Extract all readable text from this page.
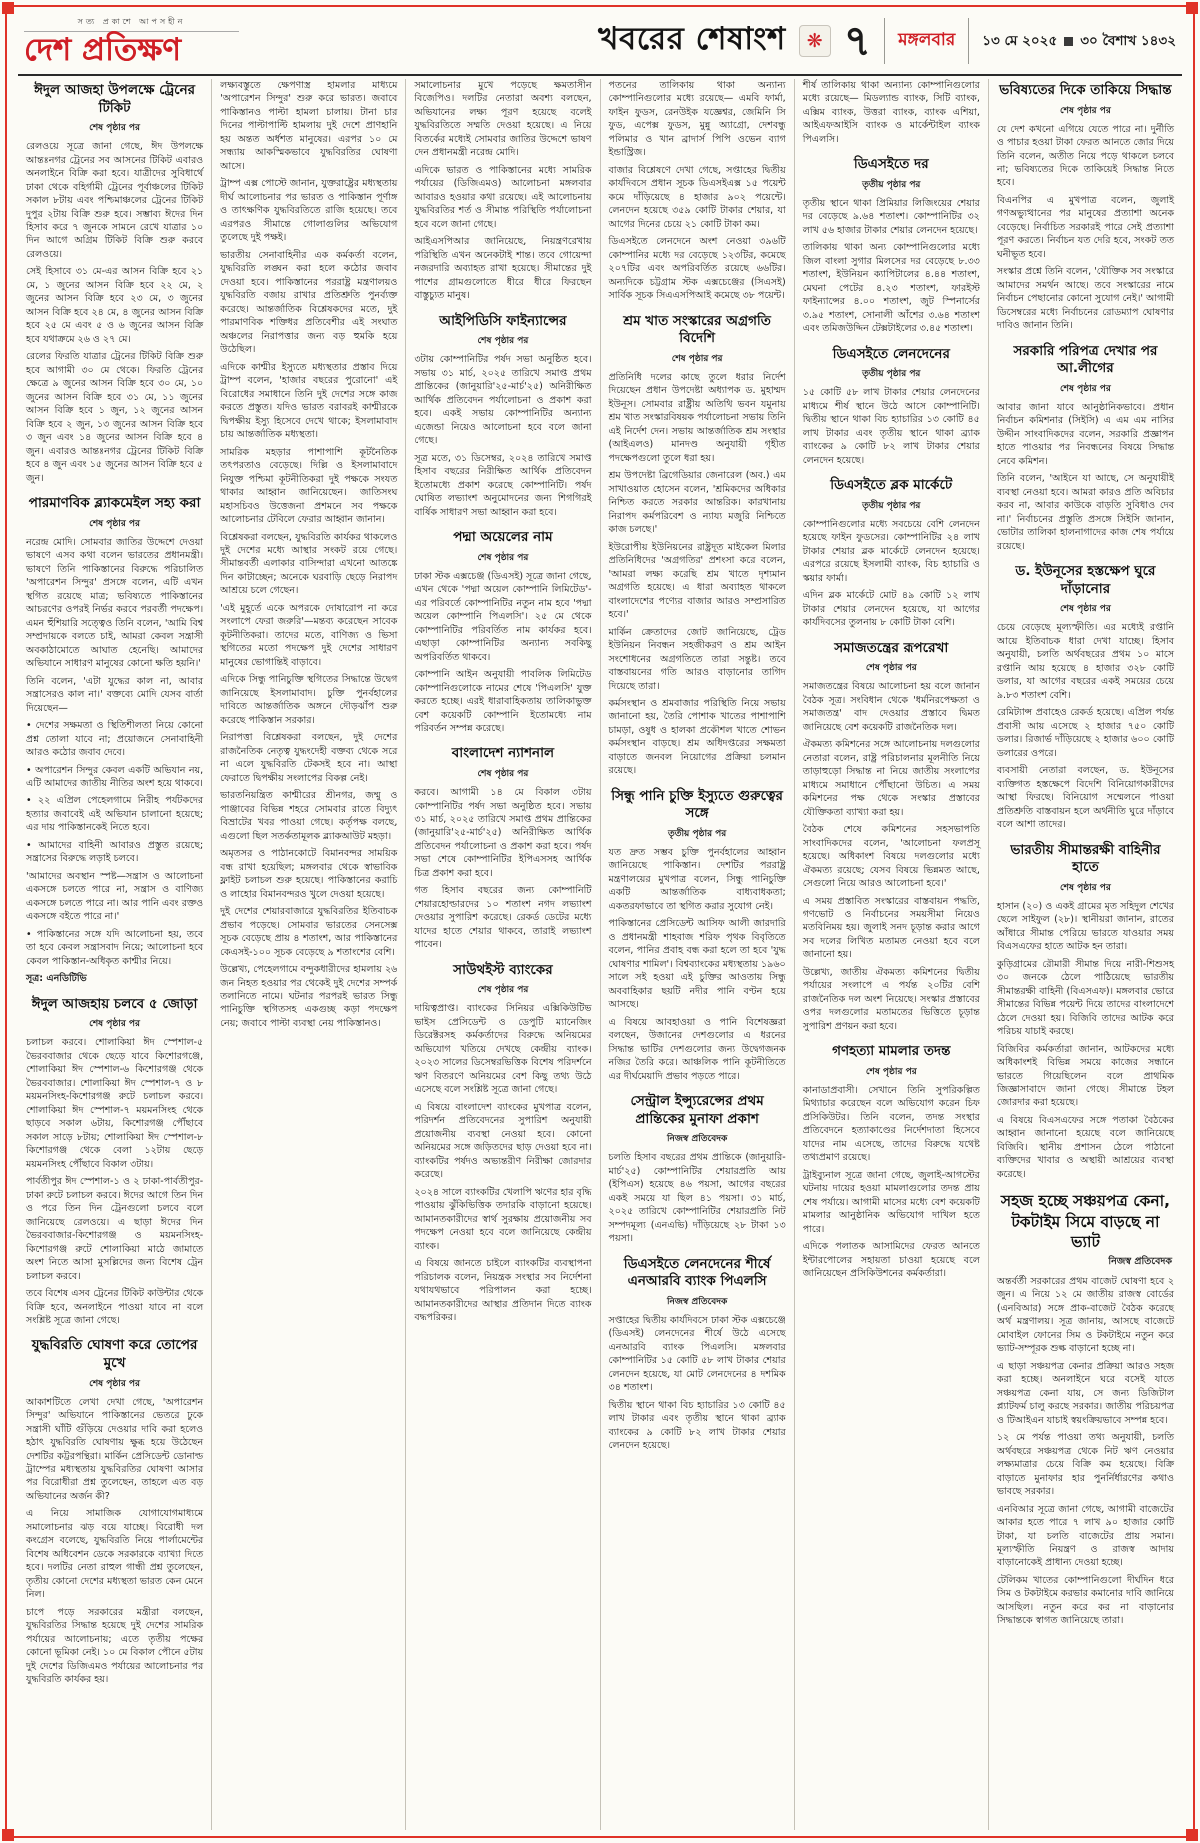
সত্য প্রকাশে আপসহীন
দেশ প্রতিক্ষণ	খবরের শেষাংশ	❋ ৭ মঙ্গলবার ১৩ মে ২০২৫ ৩০ বৈশাখ ১৪৩২
ঈদুল আজহা উপলক্ষে ট্রেনের টিকিট
শেষ পৃষ্ঠার পর

রেলওয়ে সূত্রে জানা গেছে, ঈদ উপলক্ষে আন্তঃনগর ট্রেনের সব আসনের টিকিট এবারও অনলাইনে বিক্রি করা হবে। যাত্রীদের সুবিধার্থে ঢাকা থেকে বহির্গামী ট্রেনের পূর্বাঞ্চলের টিকিট সকাল ৮টায় এবং পশ্চিমাঞ্চলের ট্রেনের টিকিট দুপুর ২টায় বিক্রি শুরু হবে। সম্ভাব্য ঈদের দিন হিসাব করে ৭ জুনকে সামনে রেখে যাত্রার ১০ দিন আগে অগ্রিম টিকিট বিক্রি শুরু করবে রেলওয়ে।

সেই হিসাবে ৩১ মে-এর আসন বিক্রি হবে ২১ মে, ১ জুনের আসন বিক্রি হবে ২২ মে, ২ জুনের আসন বিক্রি হবে ২৩ মে, ৩ জুনের আসন বিক্রি হবে ২৪ মে, ৪ জুনের আসন বিক্রি হবে ২৫ মে এবং ৫ ও ৬ জুনের আসন বিক্রি হবে যথাক্রমে ২৬ ও ২৭ মে।

রেলের ফিরতি যাত্রার ট্রেনের টিকিট বিক্রি শুরু হবে আগামী ৩০ মে থেকে। ফিরতি ট্রেনের ক্ষেত্রে ৯ জুনের আসন বিক্রি হবে ৩০ মে, ১০ জুনের আসন বিক্রি হবে ৩১ মে, ১১ জুনের আসন বিক্রি হবে ১ জুন, ১২ জুনের আসন বিক্রি হবে ২ জুন, ১৩ জুনের আসন বিক্রি হবে ৩ জুন এবং ১৪ জুনের আসন বিক্রি হবে ৪ জুন। এবারও আন্তঃনগর ট্রেনের টিকিট বিক্রি হবে ৪ জুন এবং ১৫ জুনের আসন বিক্রি হবে ৫ জুন।

পারমাণবিক ব্ল্যাকমেইল সহ্য করা
শেষ পৃষ্ঠার পর

নরেন্দ্র মোদি। সোমবার জাতির উদ্দেশে দেওয়া ভাষণে এসব কথা বলেন ভারতের প্রধানমন্ত্রী। ভাষণে তিনি পাকিস্তানের বিরুদ্ধে পরিচালিত 'অপারেশন সিন্দুর' প্রসঙ্গে বলেন, এটি এখন স্থগিত রয়েছে মাত্র; ভবিষ্যতে পাকিস্তানের আচরণের ওপরই নির্ভর করবে পরবর্তী পদক্ষেপ। এমন হুঁশিয়ারি সত্ত্বেও তিনি বলেন, 'আমি বিশ্ব সম্প্রদায়কে বলতে চাই, আমরা কেবল সন্ত্রাসী অবকাঠামোতে আঘাত হেনেছি। আমাদের অভিযানে সাধারণ মানুষের কোনো ক্ষতি হয়নি।'

তিনি বলেন, 'এটা যুদ্ধের কাল না, আবার সন্ত্রাসেরও কাল না।' বক্তব্যে মোদি যেসব বার্তা দিয়েছেন—

• দেশের সক্ষমতা ও স্থিতিশীলতা নিয়ে কোনো প্রশ্ন তোলা যাবে না; প্রয়োজনে সেনাবাহিনী আরও কঠোর জবাব দেবে।

• অপারেশন সিন্দুর কেবল একটি অভিযান নয়, এটি আমাদের জাতীয় নীতির অংশ হয়ে থাকবে।

• ২২ এপ্রিল পেহেলগামে নিরীহ পর্যটকদের হত্যার জবাবেই এই অভিযান চালানো হয়েছে; এর দায় পাকিস্তানকেই নিতে হবে।

• আমাদের বাহিনী আবারও প্রস্তুত রয়েছে; সন্ত্রাসের বিরুদ্ধে লড়াই চলবে।

'আমাদের অবস্থান স্পষ্ট—সন্ত্রাস ও আলোচনা একসঙ্গে চলতে পারে না, সন্ত্রাস ও বাণিজ্য একসঙ্গে চলতে পারে না। আর পানি এবং রক্তও একসঙ্গে বইতে পারে না।'

• পাকিস্তানের সঙ্গে যদি আলোচনা হয়, তবে তা হবে কেবল সন্ত্রাসবাদ নিয়ে; আলোচনা হবে কেবল পাকিস্তান-অধিকৃত কাশ্মীর নিয়ে।

সূত্র: এনডিটিভি

ঈদুল আজহায় চলবে ৫ জোড়া
শেষ পৃষ্ঠার পর

চলাচল করবে। শোলাকিয়া ঈদ স্পেশাল-৫ ভৈরববাজার থেকে ছেড়ে যাবে কিশোরগঞ্জে, শোলাকিয়া ঈদ স্পেশাল-৬ কিশোরগঞ্জ থেকে ভৈরববাজার। শোলাকিয়া ঈদ স্পেশাল-৭ ও ৮ ময়মনসিংহ-কিশোরগঞ্জ রুটে চলাচল করবে। শোলাকিয়া ঈদ স্পেশাল-৭ ময়মনসিংহ থেকে ছাড়বে সকাল ৬টায়, কিশোরগঞ্জ পৌঁছাবে সকাল সাড়ে ৮টায়; শোলাকিয়া ঈদ স্পেশাল-৮ কিশোরগঞ্জ থেকে বেলা ১২টায় ছেড়ে ময়মনসিংহ পৌঁছাবে বিকাল ৩টায়।

পার্বতীপুর ঈদ স্পেশাল-১ ও ২ ঢাকা-পার্বতীপুর-ঢাকা রুটে চলাচল করবে। ঈদের আগে তিন দিন ও পরে তিন দিন ট্রেনগুলো চলবে বলে জানিয়েছে রেলওয়ে। এ ছাড়া ঈদের দিন ভৈরববাজার-কিশোরগঞ্জ ও ময়মনসিংহ-কিশোরগঞ্জ রুটে শোলাকিয়া মাঠে জামাতে অংশ নিতে আসা মুসল্লিদের জন্য বিশেষ ট্রেন চলাচল করবে।

তবে বিশেষ এসব ট্রেনের টিকিট কাউন্টার থেকে বিক্রি হবে, অনলাইনে পাওয়া যাবে না বলে সংশ্লিষ্ট সূত্রে জানা গেছে।

যুদ্ধবিরতি ঘোষণা করে তোপের মুখে
শেষ পৃষ্ঠার পর

আকাশটিতে লেখা দেখা গেছে, 'অপারেশন সিন্দুর' অভিযানে পাকিস্তানের ভেতরে ঢুকে সন্ত্রাসী ঘাঁটি গুঁড়িয়ে দেওয়ার দাবি করা হলেও হঠাৎ যুদ্ধবিরতি ঘোষণায় ক্ষুব্ধ হয়ে উঠেছেন দেশটির কট্টরপন্থিরা। মার্কিন প্রেসিডেন্ট ডোনাল্ড ট্রাম্পের মধ্যস্থতায় যুদ্ধবিরতির ঘোষণা আসার পর বিরোধীরা প্রশ্ন তুলেছেন, তাহলে এত বড় অভিযানের অর্জন কী?

এ নিয়ে সামাজিক যোগাযোগমাধ্যমে সমালোচনার ঝড় বয়ে যাচ্ছে। বিরোধী দল কংগ্রেস বলেছে, যুদ্ধবিরতি নিয়ে পার্লামেন্টের বিশেষ অধিবেশন ডেকে সরকারকে ব্যাখ্যা দিতে হবে। দলটির নেতা রাহুল গান্ধী প্রশ্ন তুলেছেন, তৃতীয় কোনো দেশের মধ্যস্থতা ভারত কেন মেনে নিল।

চাপে পড়ে সরকারের মন্ত্রীরা বলছেন, যুদ্ধবিরতির সিদ্ধান্ত হয়েছে দুই দেশের সামরিক পর্যায়ের আলোচনায়; এতে তৃতীয় পক্ষের কোনো ভূমিকা নেই। ১০ মে বিকাল পৌনে ৫টায় দুই দেশের ডিজিএমও পর্যায়ের আলোচনার পর যুদ্ধবিরতি কার্যকর হয়।

লক্ষ্যবস্তুতে ক্ষেপণাস্ত্র হামলার মাধ্যমে 'অপারেশন সিন্দুর' শুরু করে ভারত। জবাবে পাকিস্তানও পাল্টা হামলা চালায়। টানা চার দিনের পাল্টাপাল্টি হামলায় দুই দেশে প্রাণহানি হয় অন্তত অর্ধশত মানুষের। এরপর ১০ মে সন্ধ্যায় আকস্মিকভাবে যুদ্ধবিরতির ঘোষণা আসে।

ট্রাম্প এক্স পোস্টে জানান, যুক্তরাষ্ট্রের মধ্যস্থতায় দীর্ঘ আলোচনার পর ভারত ও পাকিস্তান পূর্ণাঙ্গ ও তাৎক্ষণিক যুদ্ধবিরতিতে রাজি হয়েছে। তবে এরপরও সীমান্তে গোলাগুলির অভিযোগ তুলেছে দুই পক্ষই।

ভারতীয় সেনাবাহিনীর এক কর্মকর্তা বলেন, যুদ্ধবিরতি লঙ্ঘন করা হলে কঠোর জবাব দেওয়া হবে। পাকিস্তানের পররাষ্ট্র মন্ত্রণালয়ও যুদ্ধবিরতি বজায় রাখার প্রতিশ্রুতি পুনর্ব্যক্ত করেছে। আন্তর্জাতিক বিশ্লেষকদের মতে, দুই পারমাণবিক শক্তিধর প্রতিবেশীর এই সংঘাত অঞ্চলের নিরাপত্তার জন্য বড় হুমকি হয়ে উঠেছিল।

এদিকে কাশ্মীর ইস্যুতে মধ্যস্থতার প্রস্তাব দিয়ে ট্রাম্প বলেন, 'হাজার বছরের পুরোনো' এই বিরোধের সমাধানে তিনি দুই দেশের সঙ্গে কাজ করতে প্রস্তুত। যদিও ভারত বরাবরই কাশ্মীরকে দ্বিপক্ষীয় ইস্যু হিসেবে দেখে থাকে; ইসলামাবাদ চায় আন্তর্জাতিক মধ্যস্থতা।

সামরিক মহড়ার পাশাপাশি কূটনৈতিক তৎপরতাও বেড়েছে। দিল্লি ও ইসলামাবাদে নিযুক্ত পশ্চিমা কূটনীতিকরা দুই পক্ষকে সংযত থাকার আহ্বান জানিয়েছেন। জাতিসংঘ মহাসচিবও উত্তেজনা প্রশমনে সব পক্ষকে আলোচনার টেবিলে ফেরার আহ্বান জানান।

বিশ্লেষকরা বলছেন, যুদ্ধবিরতি কার্যকর থাকলেও দুই দেশের মধ্যে আস্থার সংকট রয়ে গেছে। সীমান্তবর্তী এলাকার বাসিন্দারা এখনো আতঙ্কে দিন কাটাচ্ছেন; অনেকে ঘরবাড়ি ছেড়ে নিরাপদ আশ্রয়ে চলে গেছেন।

'এই মুহূর্তে একে অপরকে দোষারোপ না করে সংলাপে ফেরা জরুরি'—মন্তব্য করেছেন সাবেক কূটনীতিকরা। তাদের মতে, বাণিজ্য ও ভিসা স্থগিতের মতো পদক্ষেপ দুই দেশের সাধারণ মানুষের ভোগান্তিই বাড়াবে।

এদিকে সিন্ধু পানিচুক্তি স্থগিতের সিদ্ধান্তে উদ্বেগ জানিয়েছে ইসলামাবাদ। চুক্তি পুনর্বহালের দাবিতে আন্তর্জাতিক অঙ্গনে দৌড়ঝাঁপ শুরু করেছে পাকিস্তান সরকার।

নিরাপত্তা বিশ্লেষকরা বলছেন, দুই দেশের রাজনৈতিক নেতৃত্ব যুদ্ধংদেহী বক্তব্য থেকে সরে না এলে যুদ্ধবিরতি টেকসই হবে না। আস্থা ফেরাতে দ্বিপক্ষীয় সংলাপের বিকল্প নেই।

ভারতনিয়ন্ত্রিত কাশ্মীরের শ্রীনগর, জম্মু ও পাঞ্জাবের বিভিন্ন শহরে সোমবার রাতে বিদ্যুৎ বিভ্রাটের খবর পাওয়া গেছে। কর্তৃপক্ষ বলছে, এগুলো ছিল সতর্কতামূলক ব্ল্যাকআউট মহড়া।

অমৃতসর ও পাঠানকোটে বিমানবন্দর সাময়িক বন্ধ রাখা হয়েছিল; মঙ্গলবার থেকে স্বাভাবিক ফ্লাইট চলাচল শুরু হয়েছে। পাকিস্তানের করাচি ও লাহোর বিমানবন্দরও খুলে দেওয়া হয়েছে।

দুই দেশের শেয়ারবাজারে যুদ্ধবিরতির ইতিবাচক প্রভাব পড়েছে। সোমবার ভারতের সেনসেক্স সূচক বেড়েছে প্রায় ৪ শতাংশ, আর পাকিস্তানের কেএসই-১০০ সূচক বেড়েছে ৯ শতাংশের বেশি।

উল্লেখ্য, পেহেলগামে বন্দুকধারীদের হামলায় ২৬ জন নিহত হওয়ার পর থেকেই দুই দেশের সম্পর্ক তলানিতে নামে। ঘটনার পরপরই ভারত সিন্ধু পানিচুক্তি স্থগিতসহ একগুচ্ছ কড়া পদক্ষেপ নেয়; জবাবে পাল্টা ব্যবস্থা নেয় পাকিস্তানও।

সমালোচনার মুখে পড়েছে ক্ষমতাসীন বিজেপিও। দলটির নেতারা অবশ্য বলছেন, অভিযানের লক্ষ্য পূরণ হয়েছে বলেই যুদ্ধবিরতিতে সম্মতি দেওয়া হয়েছে। এ নিয়ে বিতর্কের মধ্যেই সোমবার জাতির উদ্দেশে ভাষণ দেন প্রধানমন্ত্রী নরেন্দ্র মোদি।

এদিকে ভারত ও পাকিস্তানের মধ্যে সামরিক পর্যায়ের (ডিজিএমও) আলোচনা মঙ্গলবার আবারও হওয়ার কথা রয়েছে। এই আলোচনায় যুদ্ধবিরতির শর্ত ও সীমান্ত পরিস্থিতি পর্যালোচনা হবে বলে জানা গেছে।

আইএসপিআর জানিয়েছে, নিয়ন্ত্রণরেখায় পরিস্থিতি এখন অনেকটাই শান্ত। তবে গোয়েন্দা নজরদারি অব্যাহত রাখা হয়েছে। সীমান্তের দুই পাশের গ্রামগুলোতে ধীরে ধীরে ফিরছেন বাস্তুচ্যুত মানুষ।

আইপিডিসি ফাইন্যান্সের
শেষ পৃষ্ঠার পর

৩টায় কোম্পানিটির পর্ষদ সভা অনুষ্ঠিত হবে। সভায় ৩১ মার্চ, ২০২৫ তারিখে সমাপ্ত প্রথম প্রান্তিকের (জানুয়ারি'২৫-মার্চ'২৫) অনিরীক্ষিত আর্থিক প্রতিবেদন পর্যালোচনা ও প্রকাশ করা হবে। একই সভায় কোম্পানিটির অন্যান্য এজেন্ডা নিয়েও আলোচনা হবে বলে জানা গেছে।

সূত্র মতে, ৩১ ডিসেম্বর, ২০২৪ তারিখে সমাপ্ত হিসাব বছরের নিরীক্ষিত আর্থিক প্রতিবেদন ইতোমধ্যে প্রকাশ করেছে কোম্পানিটি। পর্ষদ ঘোষিত লভ্যাংশ অনুমোদনের জন্য শিগগিরই বার্ষিক সাধারণ সভা আহ্বান করা হবে।

পদ্মা অয়েলের নাম
শেষ পৃষ্ঠার পর

ঢাকা স্টক এক্সচেঞ্জ (ডিএসই) সূত্রে জানা গেছে, এখন থেকে 'পদ্মা অয়েল কোম্পানি লিমিটেড'-এর পরিবর্তে কোম্পানিটির নতুন নাম হবে 'পদ্মা অয়েল কোম্পানি পিএলসি'। ২৫ মে থেকে কোম্পানিটির পরিবর্তিত নাম কার্যকর হবে। এছাড়া কোম্পানিটির অন্যান্য সবকিছু অপরিবর্তিত থাকবে।

কোম্পানি আইন অনুযায়ী পাবলিক লিমিটেড কোম্পানিগুলোকে নামের শেষে 'পিএলসি' যুক্ত করতে হচ্ছে। এরই ধারাবাহিকতায় তালিকাভুক্ত বেশ কয়েকটি কোম্পানি ইতোমধ্যে নাম পরিবর্তন সম্পন্ন করেছে।

বাংলাদেশ ন্যাশনাল
শেষ পৃষ্ঠার পর

করবে। আগামী ১৪ মে বিকাল ৩টায় কোম্পানিটির পর্ষদ সভা অনুষ্ঠিত হবে। সভায় ৩১ মার্চ, ২০২৫ তারিখে সমাপ্ত প্রথম প্রান্তিকের (জানুয়ারি'২৫-মার্চ'২৫) অনিরীক্ষিত আর্থিক প্রতিবেদন পর্যালোচনা ও প্রকাশ করা হবে। পর্ষদ সভা শেষে কোম্পানিটির ইপিএসসহ আর্থিক চিত্র প্রকাশ করা হবে।

গত হিসাব বছরের জন্য কোম্পানিটি শেয়ারহোল্ডারদের ১০ শতাংশ নগদ লভ্যাংশ দেওয়ার সুপারিশ করেছে। রেকর্ড ডেটের মধ্যে যাদের হাতে শেয়ার থাকবে, তারাই লভ্যাংশ পাবেন।

সাউথইস্ট ব্যাংকের
শেষ পৃষ্ঠার পর

দায়িত্বপ্রাপ্ত। ব্যাংকের সিনিয়র এক্সিকিউটিভ ভাইস প্রেসিডেন্ট ও ডেপুটি ম্যানেজিং ডিরেক্টরসহ কর্মকর্তাদের বিরুদ্ধে অনিয়মের অভিযোগ খতিয়ে দেখছে কেন্দ্রীয় ব্যাংক। ২০২৩ সালের ডিসেম্বরভিত্তিক বিশেষ পরিদর্শনে ঋণ বিতরণে অনিয়মের বেশ কিছু তথ্য উঠে এসেছে বলে সংশ্লিষ্ট সূত্রে জানা গেছে।

এ বিষয়ে বাংলাদেশ ব্যাংকের মুখপাত্র বলেন, পরিদর্শন প্রতিবেদনের সুপারিশ অনুযায়ী প্রয়োজনীয় ব্যবস্থা নেওয়া হবে। কোনো অনিয়মের সঙ্গে জড়িতদের ছাড় দেওয়া হবে না। ব্যাংকটির পর্ষদও অভ্যন্তরীণ নিরীক্ষা জোরদার করেছে।

২০২৪ সালে ব্যাংকটির খেলাপি ঋণের হার বৃদ্ধি পাওয়ায় ঝুঁকিভিত্তিক তদারকি বাড়ানো হয়েছে। আমানতকারীদের স্বার্থ সুরক্ষায় প্রয়োজনীয় সব পদক্ষেপ নেওয়া হবে বলে জানিয়েছে কেন্দ্রীয় ব্যাংক।

এ বিষয়ে জানতে চাইলে ব্যাংকটির ব্যবস্থাপনা পরিচালক বলেন, নিয়ন্ত্রক সংস্থার সব নির্দেশনা যথাযথভাবে পরিপালন করা হচ্ছে। আমানতকারীদের আস্থার প্রতিদান দিতে ব্যাংক বদ্ধপরিকর।

পতনের তালিকায় থাকা অন্যান্য কোম্পানিগুলোর মধ্যে রয়েছে— এমবি ফার্মা, ফাইন ফুডস, রেনউইক যজ্ঞেশ্বর, জেমিনি সি ফুড, এপেক্স ফুডস, মুন্নু অ্যাগ্রো, দেশবন্ধু পলিমার ও খান ব্রাদার্স পিপি ওভেন ব্যাগ ইন্ডাস্ট্রিজ।

বাজার বিশ্লেষণে দেখা গেছে, সপ্তাহের দ্বিতীয় কার্যদিবসে প্রধান সূচক ডিএসইএক্স ১৫ পয়েন্ট কমে দাঁড়িয়েছে ৪ হাজার ৯০২ পয়েন্টে। লেনদেন হয়েছে ৩৫৯ কোটি টাকার শেয়ার, যা আগের দিনের চেয়ে ২১ কোটি টাকা কম।

ডিএসইতে লেনদেনে অংশ নেওয়া ৩৯৬টি কোম্পানির মধ্যে দর বেড়েছে ১২৩টির, কমেছে ২০৭টির এবং অপরিবর্তিত রয়েছে ৬৬টির। অন্যদিকে চট্টগ্রাম স্টক এক্সচেঞ্জের (সিএসই) সার্বিক সূচক সিএএসপিআই কমেছে ৩৮ পয়েন্ট।

শ্রম খাত সংস্কারের অগ্রগতি বিদেশি
শেষ পৃষ্ঠার পর

প্রতিনিধি দলের কাছে তুলে ধরার নির্দেশ দিয়েছেন প্রধান উপদেষ্টা অধ্যাপক ড. মুহাম্মদ ইউনূস। সোমবার রাষ্ট্রীয় অতিথি ভবন যমুনায় শ্রম খাত সংস্কারবিষয়ক পর্যালোচনা সভায় তিনি এই নির্দেশ দেন। সভায় আন্তর্জাতিক শ্রম সংস্থার (আইএলও) মানদণ্ড অনুযায়ী গৃহীত পদক্ষেপগুলো তুলে ধরা হয়।

শ্রম উপদেষ্টা ব্রিগেডিয়ার জেনারেল (অব.) এম সাখাওয়াত হোসেন বলেন, 'শ্রমিকদের অধিকার নিশ্চিত করতে সরকার আন্তরিক। কারখানায় নিরাপদ কর্মপরিবেশ ও ন্যায্য মজুরি নিশ্চিতে কাজ চলছে।'

ইউরোপীয় ইউনিয়নের রাষ্ট্রদূত মাইকেল মিলার প্রতিনিধিদের 'অগ্রগতির' প্রশংসা করে বলেন, 'আমরা লক্ষ্য করেছি শ্রম খাতে দৃশ্যমান অগ্রগতি হয়েছে। এ ধারা অব্যাহত থাকলে বাংলাদেশের পণ্যের বাজার আরও সম্প্রসারিত হবে।'

মার্কিন ক্রেতাদের জোট জানিয়েছে, ট্রেড ইউনিয়ন নিবন্ধন সহজীকরণ ও শ্রম আইন সংশোধনের অগ্রগতিতে তারা সন্তুষ্ট। তবে বাস্তবায়নের গতি আরও বাড়ানোর তাগিদ দিয়েছে তারা।

কর্মসংস্থান ও শ্রমবাজার পরিস্থিতি নিয়ে সভায় জানানো হয়, তৈরি পোশাক খাতের পাশাপাশি চামড়া, ওষুধ ও হালকা প্রকৌশল খাতে শোভন কর্মসংস্থান বাড়ছে। শ্রম অধিদপ্তরের সক্ষমতা বাড়াতে জনবল নিয়োগের প্রক্রিয়া চলমান রয়েছে।

সিন্ধু পানি চুক্তি ইস্যুতে গুরুত্বের সঙ্গে
তৃতীয় পৃষ্ঠার পর

যত দ্রুত সম্ভব চুক্তি পুনর্বহালের আহ্বান জানিয়েছে পাকিস্তান। দেশটির পররাষ্ট্র মন্ত্রণালয়ের মুখপাত্র বলেন, সিন্ধু পানিচুক্তি একটি আন্তর্জাতিক বাধ্যবাধকতা; একতরফাভাবে তা স্থগিত করার সুযোগ নেই।

পাকিস্তানের প্রেসিডেন্ট আসিফ আলী জারদারি ও প্রধানমন্ত্রী শাহবাজ শরিফ পৃথক বিবৃতিতে বলেন, পানির প্রবাহ বন্ধ করা হলে তা হবে 'যুদ্ধ ঘোষণার শামিল'। বিশ্বব্যাংকের মধ্যস্থতায় ১৯৬০ সালে সই হওয়া এই চুক্তির আওতায় সিন্ধু অববাহিকার ছয়টি নদীর পানি বণ্টন হয়ে আসছে।

এ বিষয়ে আবহাওয়া ও পানি বিশেষজ্ঞরা বলছেন, উজানের দেশগুলোর এ ধরনের সিদ্ধান্ত ভাটির দেশগুলোর জন্য উদ্বেগজনক নজির তৈরি করে। আঞ্চলিক পানি কূটনীতিতে এর দীর্ঘমেয়াদি প্রভাব পড়তে পারে।

সেন্ট্রাল ইন্স্যুরেন্সের প্রথম প্রান্তিকের মুনাফা প্রকাশ
নিজস্ব প্রতিবেদক

চলতি হিসাব বছরের প্রথম প্রান্তিকে (জানুয়ারি-মার্চ'২৫) কোম্পানিটির শেয়ারপ্রতি আয় (ইপিএস) হয়েছে ৪৬ পয়সা, আগের বছরের একই সময়ে যা ছিল ৪১ পয়সা। ৩১ মার্চ, ২০২৫ তারিখে কোম্পানিটির শেয়ারপ্রতি নিট সম্পদমূল্য (এনএভি) দাঁড়িয়েছে ২৮ টাকা ১৩ পয়সা।

ডিএসইতে লেনদেনের শীর্ষে এনআরবি ব্যাংক পিএলসি
নিজস্ব প্রতিবেদক

সপ্তাহের দ্বিতীয় কার্যদিবসে ঢাকা স্টক এক্সচেঞ্জে (ডিএসই) লেনদেনের শীর্ষে উঠে এসেছে এনআরবি ব্যাংক পিএলসি। মঙ্গলবার কোম্পানিটির ১৫ কোটি ৫৮ লাখ টাকার শেয়ার লেনদেন হয়েছে, যা মোট লেনদেনের ৪ দশমিক ৩৪ শতাংশ।

দ্বিতীয় স্থানে থাকা বিচ হ্যাচারির ১৩ কোটি ৪৫ লাখ টাকার এবং তৃতীয় স্থানে থাকা ব্র্যাক ব্যাংকের ৯ কোটি ৮২ লাখ টাকার শেয়ার লেনদেন হয়েছে।

শীর্ষ তালিকায় থাকা অন্যান্য কোম্পানিগুলোর মধ্যে রয়েছে— মিডল্যান্ড ব্যাংক, সিটি ব্যাংক, এক্সিম ব্যাংক, উত্তরা ব্যাংক, ব্যাংক এশিয়া, আইএফআইসি ব্যাংক ও মার্কেন্টাইল ব্যাংক পিএলসি।

ডিএসইতে দর
তৃতীয় পৃষ্ঠার পর

তৃতীয় স্থানে থাকা প্রিমিয়ার লিজিংয়ের শেয়ার দর বেড়েছে ৯.৬৪ শতাংশ। কোম্পানিটির ৩২ লাখ ৫৬ হাজার টাকার শেয়ার লেনদেন হয়েছে।

তালিকায় থাকা অন্য কোম্পানিগুলোর মধ্যে জিল বাংলা সুগার মিলসের দর বেড়েছে ৮.৩৩ শতাংশ, ইউনিয়ন ক্যাপিটালের ৪.৪৪ শতাংশ, মেঘনা পেটের ৪.২৩ শতাংশ, ফারইস্ট ফাইন্যান্সের ৪.০০ শতাংশ, জুট স্পিনার্সের ৩.৯৫ শতাংশ, সোনালী আঁশের ৩.৬৪ শতাংশ এবং তমিজউদ্দিন টেক্সটাইলের ৩.৪৫ শতাংশ।

ডিএসইতে লেনদেনের
তৃতীয় পৃষ্ঠার পর

১৫ কোটি ৫৮ লাখ টাকার শেয়ার লেনদেনের মাধ্যমে শীর্ষ স্থানে উঠে আসে কোম্পানিটি। দ্বিতীয় স্থানে থাকা বিচ হ্যাচারির ১৩ কোটি ৪৫ লাখ টাকার এবং তৃতীয় স্থানে থাকা ব্র্যাক ব্যাংকের ৯ কোটি ৮২ লাখ টাকার শেয়ার লেনদেন হয়েছে।

ডিএসইতে ব্লক মার্কেটে
তৃতীয় পৃষ্ঠার পর

কোম্পানিগুলোর মধ্যে সবচেয়ে বেশি লেনদেন হয়েছে ফাইন ফুডসের। কোম্পানিটির ২৪ লাখ টাকার শেয়ার ব্লক মার্কেটে লেনদেন হয়েছে। এরপরে রয়েছে ইসলামী ব্যাংক, বিচ হ্যাচারি ও স্কয়ার ফার্মা।

এদিন ব্লক মার্কেটে মোট ৪৯ কোটি ১২ লাখ টাকার শেয়ার লেনদেন হয়েছে, যা আগের কার্যদিবসের তুলনায় ৮ কোটি টাকা বেশি।

সমাজতন্ত্রের রূপরেখা
শেষ পৃষ্ঠার পর

সমাজতন্ত্রের বিষয়ে আলোচনা হয় বলে জানান বৈঠক সূত্র। সংবিধান থেকে 'ধর্মনিরপেক্ষতা ও সমাজতন্ত্র' বাদ দেওয়ার প্রস্তাবে দ্বিমত জানিয়েছে বেশ কয়েকটি রাজনৈতিক দল।

ঐকমত্য কমিশনের সঙ্গে আলোচনায় দলগুলোর নেতারা বলেন, রাষ্ট্র পরিচালনার মূলনীতি নিয়ে তাড়াহুড়ো সিদ্ধান্ত না নিয়ে জাতীয় সংলাপের মাধ্যমে সমাধানে পৌঁছানো উচিত। এ সময় কমিশনের পক্ষ থেকে সংস্কার প্রস্তাবের যৌক্তিকতা ব্যাখ্যা করা হয়।

বৈঠক শেষে কমিশনের সহসভাপতি সাংবাদিকদের বলেন, 'আলোচনা ফলপ্রসূ হয়েছে। অধিকাংশ বিষয়ে দলগুলোর মধ্যে ঐকমত্য রয়েছে; যেসব বিষয়ে ভিন্নমত আছে, সেগুলো নিয়ে আরও আলোচনা হবে।'

এ সময় প্রস্তাবিত সংস্কারের বাস্তবায়ন পদ্ধতি, গণভোট ও নির্বাচনের সময়সীমা নিয়েও মতবিনিময় হয়। জুলাই সনদ চূড়ান্ত করার আগে সব দলের লিখিত মতামত নেওয়া হবে বলে জানানো হয়।

উল্লেখ্য, জাতীয় ঐকমত্য কমিশনের দ্বিতীয় পর্যায়ের সংলাপে এ পর্যন্ত ২০টির বেশি রাজনৈতিক দল অংশ নিয়েছে। সংস্কার প্রস্তাবের ওপর দলগুলোর মতামতের ভিত্তিতে চূড়ান্ত সুপারিশ প্রণয়ন করা হবে।

গণহত্যা মামলার তদন্ত
শেষ পৃষ্ঠার পর

কানাডাপ্রবাসী। সেখানে তিনি সুপরিকল্পিত মিথ্যাচার করেছেন বলে অভিযোগ করেন চিফ প্রসিকিউটর। তিনি বলেন, তদন্ত সংস্থার প্রতিবেদনে হত্যাকাণ্ডের নির্দেশদাতা হিসেবে যাদের নাম এসেছে, তাদের বিরুদ্ধে যথেষ্ট তথ্যপ্রমাণ রয়েছে।

ট্রাইব্যুনাল সূত্রে জানা গেছে, জুলাই-আগস্টের ঘটনায় দায়ের হওয়া মামলাগুলোর তদন্ত প্রায় শেষ পর্যায়ে। আগামী মাসের মধ্যে বেশ কয়েকটি মামলার আনুষ্ঠানিক অভিযোগ দাখিল হতে পারে।

এদিকে পলাতক আসামিদের ফেরত আনতে ইন্টারপোলের সহায়তা চাওয়া হয়েছে বলে জানিয়েছেন প্রসিকিউশনের কর্মকর্তারা।

ভবিষ্যতের দিকে তাকিয়ে সিদ্ধান্ত
শেষ পৃষ্ঠার পর

যে দেশ কখনো এগিয়ে যেতে পারে না। দুর্নীতি ও পাচার হওয়া টাকা ফেরত আনতে জোর দিয়ে তিনি বলেন, অতীত নিয়ে পড়ে থাকলে চলবে না; ভবিষ্যতের দিকে তাকিয়েই সিদ্ধান্ত নিতে হবে।

বিএনপির এ মুখপাত্র বলেন, জুলাই গণঅভ্যুত্থানের পর মানুষের প্রত্যাশা অনেক বেড়েছে। নির্বাচিত সরকারই পারে সেই প্রত্যাশা পূরণ করতে। নির্বাচন যত দেরি হবে, সংকট তত ঘনীভূত হবে।

সংস্কার প্রশ্নে তিনি বলেন, 'যৌক্তিক সব সংস্কারে আমাদের সমর্থন আছে। তবে সংস্কারের নামে নির্বাচন পেছানোর কোনো সুযোগ নেই।' আগামী ডিসেম্বরের মধ্যে নির্বাচনের রোডম্যাপ ঘোষণার দাবিও জানান তিনি।

সরকারি পরিপত্র দেখার পর আ.লীগের
শেষ পৃষ্ঠার পর

আবার জানা যাবে আনুষ্ঠানিকভাবে। প্রধান নির্বাচন কমিশনার (সিইসি) এ এম এম নাসির উদ্দীন সাংবাদিকদের বলেন, সরকারি প্রজ্ঞাপন হাতে পাওয়ার পর নিবন্ধনের বিষয়ে সিদ্ধান্ত নেবে কমিশন।

তিনি বলেন, 'আইনে যা আছে, সে অনুযায়ীই ব্যবস্থা নেওয়া হবে। আমরা কারও প্রতি অবিচার করব না, আবার কাউকে বাড়তি সুবিধাও দেব না।' নির্বাচনের প্রস্তুতি প্রসঙ্গে সিইসি জানান, ভোটার তালিকা হালনাগাদের কাজ শেষ পর্যায়ে রয়েছে।

ড. ইউনূসের হস্তক্ষেপ ঘুরে দাঁড়ানোর
শেষ পৃষ্ঠার পর

চেয়ে বেড়েছে মূল্যস্ফীতি। এর মধ্যেই রপ্তানি আয়ে ইতিবাচক ধারা দেখা যাচ্ছে। হিসাব অনুযায়ী, চলতি অর্থবছরের প্রথম ১০ মাসে রপ্তানি আয় হয়েছে ৪ হাজার ৩২৮ কোটি ডলার, যা আগের বছরের একই সময়ের চেয়ে ৯.৮৩ শতাংশ বেশি।

রেমিট্যান্স প্রবাহেও রেকর্ড হয়েছে। এপ্রিল পর্যন্ত প্রবাসী আয় এসেছে ২ হাজার ৭৫০ কোটি ডলার। রিজার্ভ দাঁড়িয়েছে ২ হাজার ৬০০ কোটি ডলারের ওপরে।

ব্যবসায়ী নেতারা বলছেন, ড. ইউনূসের ব্যক্তিগত হস্তক্ষেপে বিদেশি বিনিয়োগকারীদের আস্থা ফিরছে। বিনিয়োগ সম্মেলনে পাওয়া প্রতিশ্রুতি বাস্তবায়ন হলে অর্থনীতি ঘুরে দাঁড়াবে বলে আশা তাদের।

ভারতীয় সীমান্তরক্ষী বাহিনীর হাতে
শেষ পৃষ্ঠার পর

হাসান (২০) ও একই গ্রামের মৃত সহিদুল শেখের ছেলে সাইফুল (২৮)। স্থানীয়রা জানান, রাতের আঁধারে সীমান্ত পেরিয়ে ভারতে যাওয়ার সময় বিএসএফের হাতে আটক হন তারা।

কুড়িগ্রামের রৌমারী সীমান্ত দিয়ে নারী-শিশুসহ ৩০ জনকে ঠেলে পাঠিয়েছে ভারতীয় সীমান্তরক্ষী বাহিনী (বিএসএফ)। মঙ্গলবার ভোরে সীমান্তের বিভিন্ন পয়েন্ট দিয়ে তাদের বাংলাদেশে ঠেলে দেওয়া হয়। বিজিবি তাদের আটক করে পরিচয় যাচাই করছে।

বিজিবির কর্মকর্তারা জানান, আটকদের মধ্যে অধিকাংশই বিভিন্ন সময়ে কাজের সন্ধানে ভারতে গিয়েছিলেন বলে প্রাথমিক জিজ্ঞাসাবাদে জানা গেছে। সীমান্তে টহল জোরদার করা হয়েছে।

এ বিষয়ে বিএসএফের সঙ্গে পতাকা বৈঠকের আহ্বান জানানো হয়েছে বলে জানিয়েছে বিজিবি। স্থানীয় প্রশাসন ঠেলে পাঠানো ব্যক্তিদের খাবার ও অস্থায়ী আশ্রয়ের ব্যবস্থা করেছে।

সহজ হচ্ছে সঞ্চয়পত্র কেনা, টকটাইম সিমে বাড়ছে না ভ্যাট
নিজস্ব প্রতিবেদক

অন্তর্বর্তী সরকারের প্রথম বাজেট ঘোষণা হবে ২ জুন। এ নিয়ে ১২ মে জাতীয় রাজস্ব বোর্ডের (এনবিআর) সঙ্গে প্রাক-বাজেট বৈঠক করেছে অর্থ মন্ত্রণালয়। সূত্র জানায়, আসছে বাজেটে মোবাইল ফোনের সিম ও টকটাইমে নতুন করে ভ্যাট-সম্পূরক শুল্ক বাড়ানো হচ্ছে না।

এ ছাড়া সঞ্চয়পত্র কেনার প্রক্রিয়া আরও সহজ করা হচ্ছে। অনলাইনে ঘরে বসেই যাতে সঞ্চয়পত্র কেনা যায়, সে জন্য ডিজিটাল প্ল্যাটফর্ম চালু করছে সরকার। জাতীয় পরিচয়পত্র ও টিআইএন যাচাই স্বয়ংক্রিয়ভাবে সম্পন্ন হবে।

১২ মে পর্যন্ত পাওয়া তথ্য অনুযায়ী, চলতি অর্থবছরে সঞ্চয়পত্র থেকে নিট ঋণ নেওয়ার লক্ষ্যমাত্রার চেয়ে বিক্রি কম হয়েছে। বিক্রি বাড়াতে মুনাফার হার পুনর্নির্ধারণের কথাও ভাবছে সরকার।

এনবিআর সূত্রে জানা গেছে, আগামী বাজেটের আকার হতে পারে ৭ লাখ ৯০ হাজার কোটি টাকা, যা চলতি বাজেটের প্রায় সমান। মূল্যস্ফীতি নিয়ন্ত্রণ ও রাজস্ব আদায় বাড়ানোকেই প্রাধান্য দেওয়া হচ্ছে।

টেলিকম খাতের কোম্পানিগুলো দীর্ঘদিন ধরে সিম ও টকটাইমে করভার কমানোর দাবি জানিয়ে আসছিল। নতুন করে কর না বাড়ানোর সিদ্ধান্তকে স্বাগত জানিয়েছে তারা।
